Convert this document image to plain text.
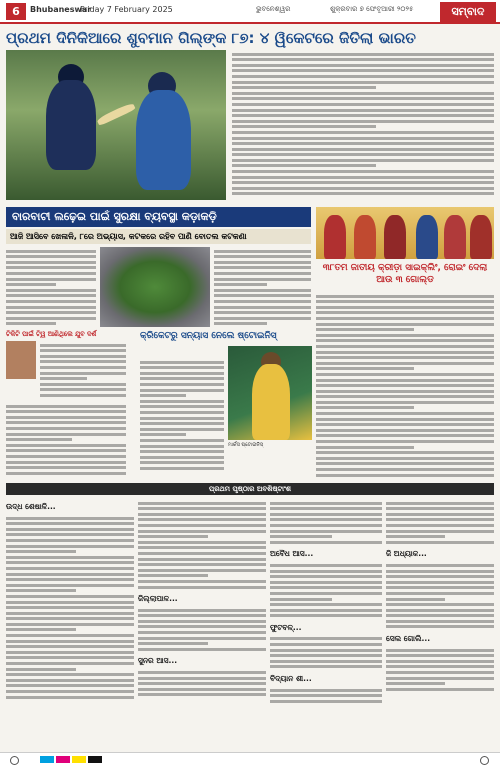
6	Bhubaneswar
Friday 7 February 2025	ଭୁବନେଶ୍ୱର	ଶୁକ୍ରବାର ୭ ଫେବୃଆରୀ ୨୦୨୫	ସମ୍ବାଦ
ପ୍ରଥମ ଦିନିକିଆରେ ଶୁବମାନ ଗିଲ୍ଙ୍କ ୮୭: ୪ ୱିକେଟରେ ଜିତିଲା ଭାରତ
ବାରବାଟୀ ଲଢ଼େଇ ପାଇଁ ସୁରକ୍ଷା ବ୍ୟବସ୍ଥା କଡ଼ାକଡ଼ି
ଆଜି ଆସିବେ ଖେଳାଳି, ୮ରେ ଅଭ୍ୟାସ, କଟକରେ ରହିବ ପାଣି ବୋତଲ କଟକଣା
୩୮ତମ ଜାତୀୟ କ୍ରୀଡ଼ା ସାଇକ୍ଲିଂ, ରୋଇଂ ଦେଲା ଆଉ ୩ ଗୋଲ୍ଡ
ଟିକିଟି ପାଇଁ ଟି୍ୱ ଆଣିଥିଲେ ଯୁବ ଦର୍ଶ	କ୍ରିକେଟରୁ ସନ୍ୟାସ ନେଲେ ଷ୍ଟୋଇନିସ୍
ମାର୍କସ ଷ୍ଟୋଇନିସ୍
ପ୍ରଥମ ପୃଷ୍ଠାର ଅବଶିଷ୍ଟାଂଶ
ଉଦ୍ଧ ଶେଷାଳି...
ଜିଲ୍ଲାପାଳ...
ସୁନର ଆସ...
ଅବୈଧ ଆସ...
ଫୁଟବଳ୍...
ବିଦ୍ୟାନ ଶୀ...
ଜି ଅଧ୍ୟାକ...
ସେଲ ଗୋଲି...
